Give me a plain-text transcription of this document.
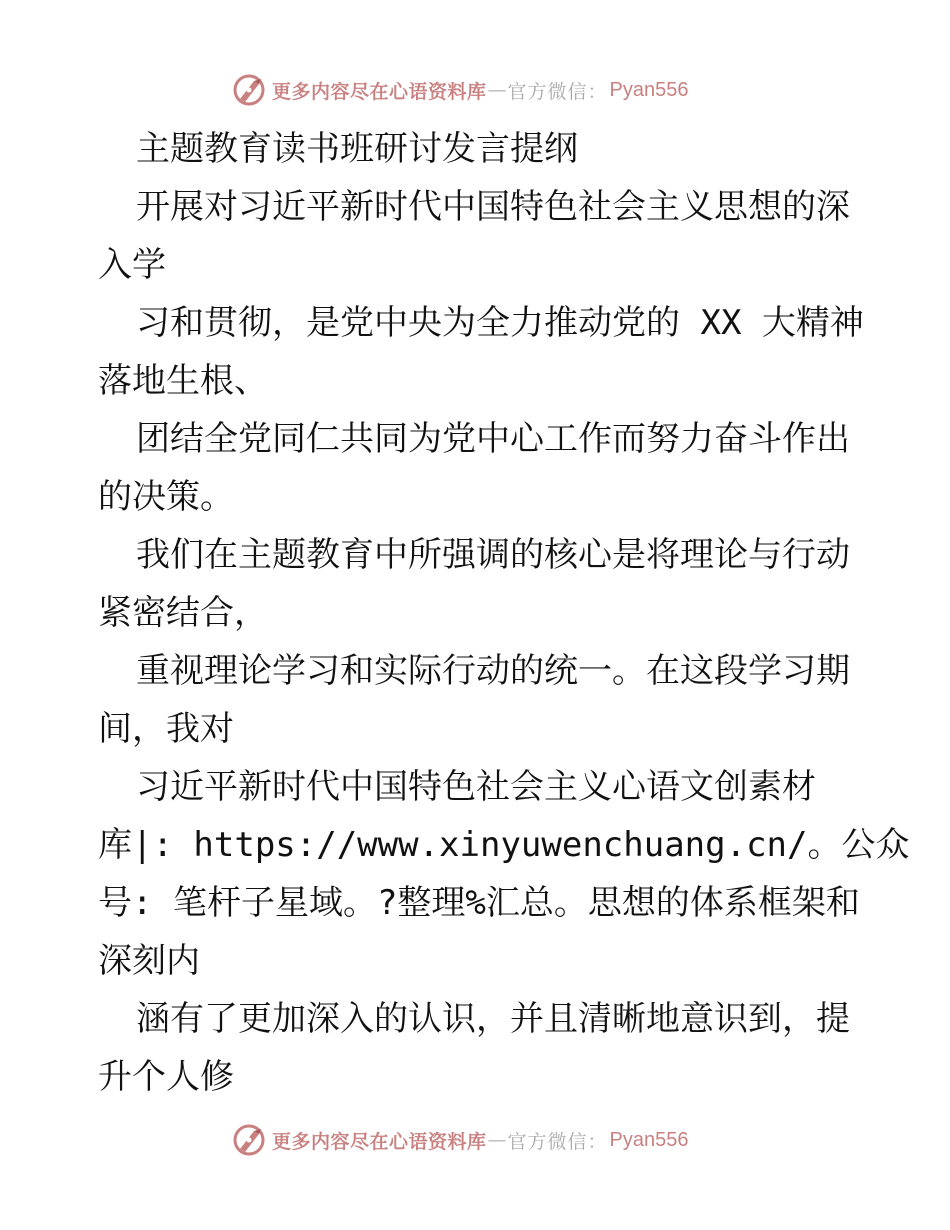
更多内容尽在心语资料库 — 官方微信： Pyan556
主题教育读书班研讨发言提纲
开展对习近平新时代中国特色社会主义思想的深
入学
习和贯彻，是党中央为全力推动党的 XX 大精神
落地生根、
团结全党同仁共同为党中心工作而努力奋斗作出
的决策。
我们在主题教育中所强调的核心是将理论与行动
紧密结合，
重视理论学习和实际行动的统一。在这段学习期
间，我对
习近平新时代中国特色社会主义心语文创素材
库|: https://www.xinyuwenchuang.cn/。公众
号: 笔杆子星域。?整理%汇总。思想的体系框架和
深刻内
涵有了更加深入的认识，并且清晰地意识到，提
升个人修
更多内容尽在心语资料库 — 官方微信： Pyan556
